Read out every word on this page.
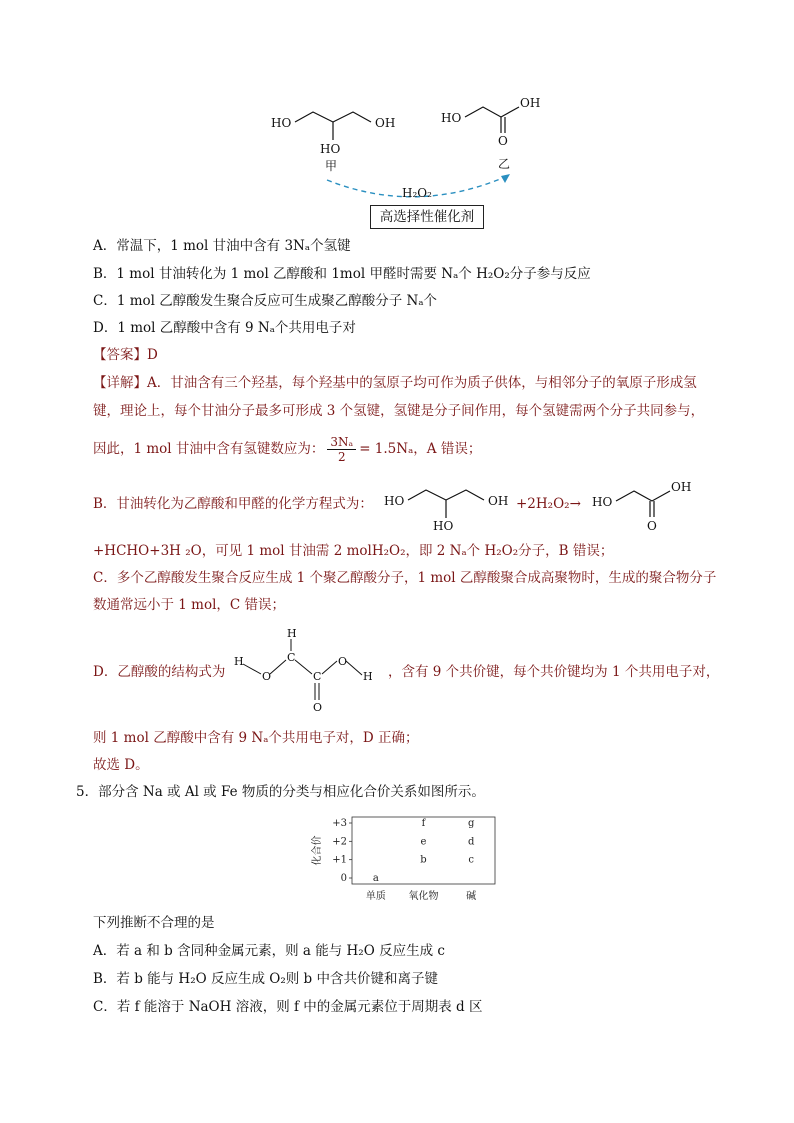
HO	OH
HO
甲
HO
OH
O
乙
H₂O₂
高选择性催化剂
A．常温下，1 mol 甘油中含有 3Nₐ个氢键
B．1 mol 甘油转化为 1 mol 乙醇酸和 1mol 甲醛时需要 Nₐ个 H₂O₂分子参与反应
C．1 mol 乙醇酸发生聚合反应可生成聚乙醇酸分子 Nₐ个
D．1 mol 乙醇酸中含有 9 Nₐ个共用电子对
【答案】D
【详解】A．甘油含有三个羟基，每个羟基中的氢原子均可作为质子供体，与相邻分子的氧原子形成氢
键，理论上，每个甘油分子最多可形成 3 个氢键，氢键是分子间作用，每个氢键需两个分子共同参与，
因此，1 mol 甘油中含有氢键数应为： $\frac{\text{3Nₐ}}{2} = 1.5N_a$，A 错误；
B．甘油转化为乙醇酸和甲醛的化学方程式为： HO	OH
HO
+2H₂O₂→ HO
OH
O
+HCHO+3H ₂O，可见 1 mol 甘油需 2 molH₂O₂，即 2 Nₐ个 H₂O₂分子，B 错误；
C．多个乙醇酸发生聚合反应生成 1 个聚乙醇酸分子，1 mol 乙醇酸聚合成高聚物时，生成的聚合物分子
数通常远小于 1 mol，C 错误；
D．乙醇酸的结构式为
H
C
H
O	C
O
H
O
，含有 9 个共价键，每个共价键均为 1 个共用电子对，
则 1 mol 乙醇酸中含有 9 Nₐ个共用电子对，D 正确；
故选 D。
5．部分含 Na 或 Al 或 Fe 物质的分类与相应化合价关系如图所示。
化合价
0
+1
+2
+3
单质 氧化物	碱
a
b
e
f
c
d
g
下列推断不合理的是
A．若 a 和 b 含同种金属元素，则 a 能与 H₂O 反应生成 c
B．若 b 能与 H₂O 反应生成 O₂则 b 中含共价键和离子键
C．若 f 能溶于 NaOH 溶液，则 f 中的金属元素位于周期表 d 区
